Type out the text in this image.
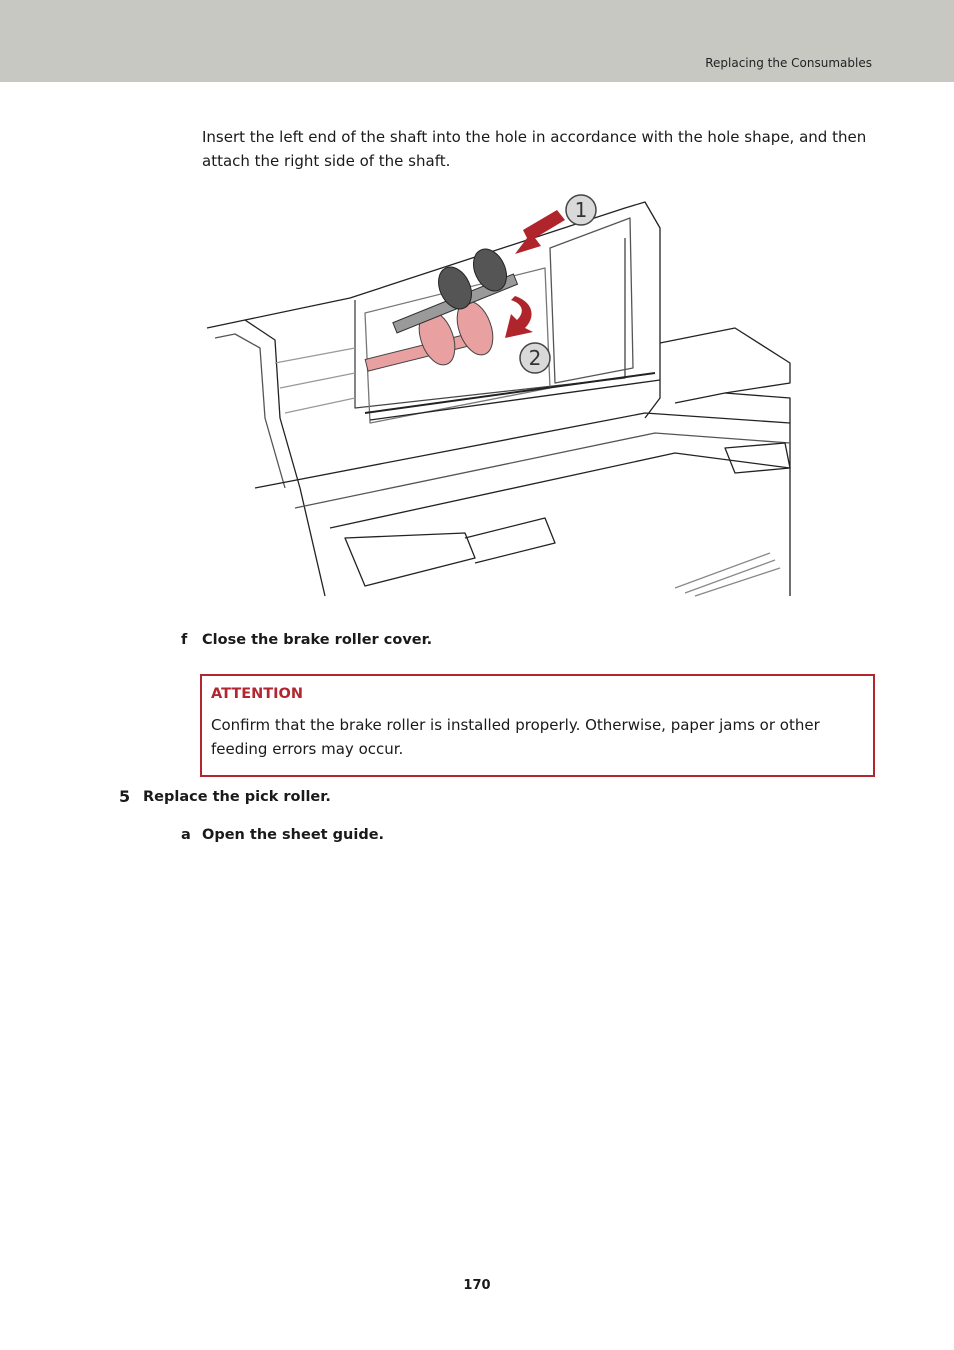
Replacing the Consumables

Insert the left end of the shaft into the hole in accordance with the hole shape, and then attach the right side of the shaft.

1
2
f Close the brake roller cover.
ATTENTION
Confirm that the brake roller is installed properly. Otherwise, paper jams or other feeding errors may occur.
5 Replace the pick roller.
a Open the sheet guide.
170
